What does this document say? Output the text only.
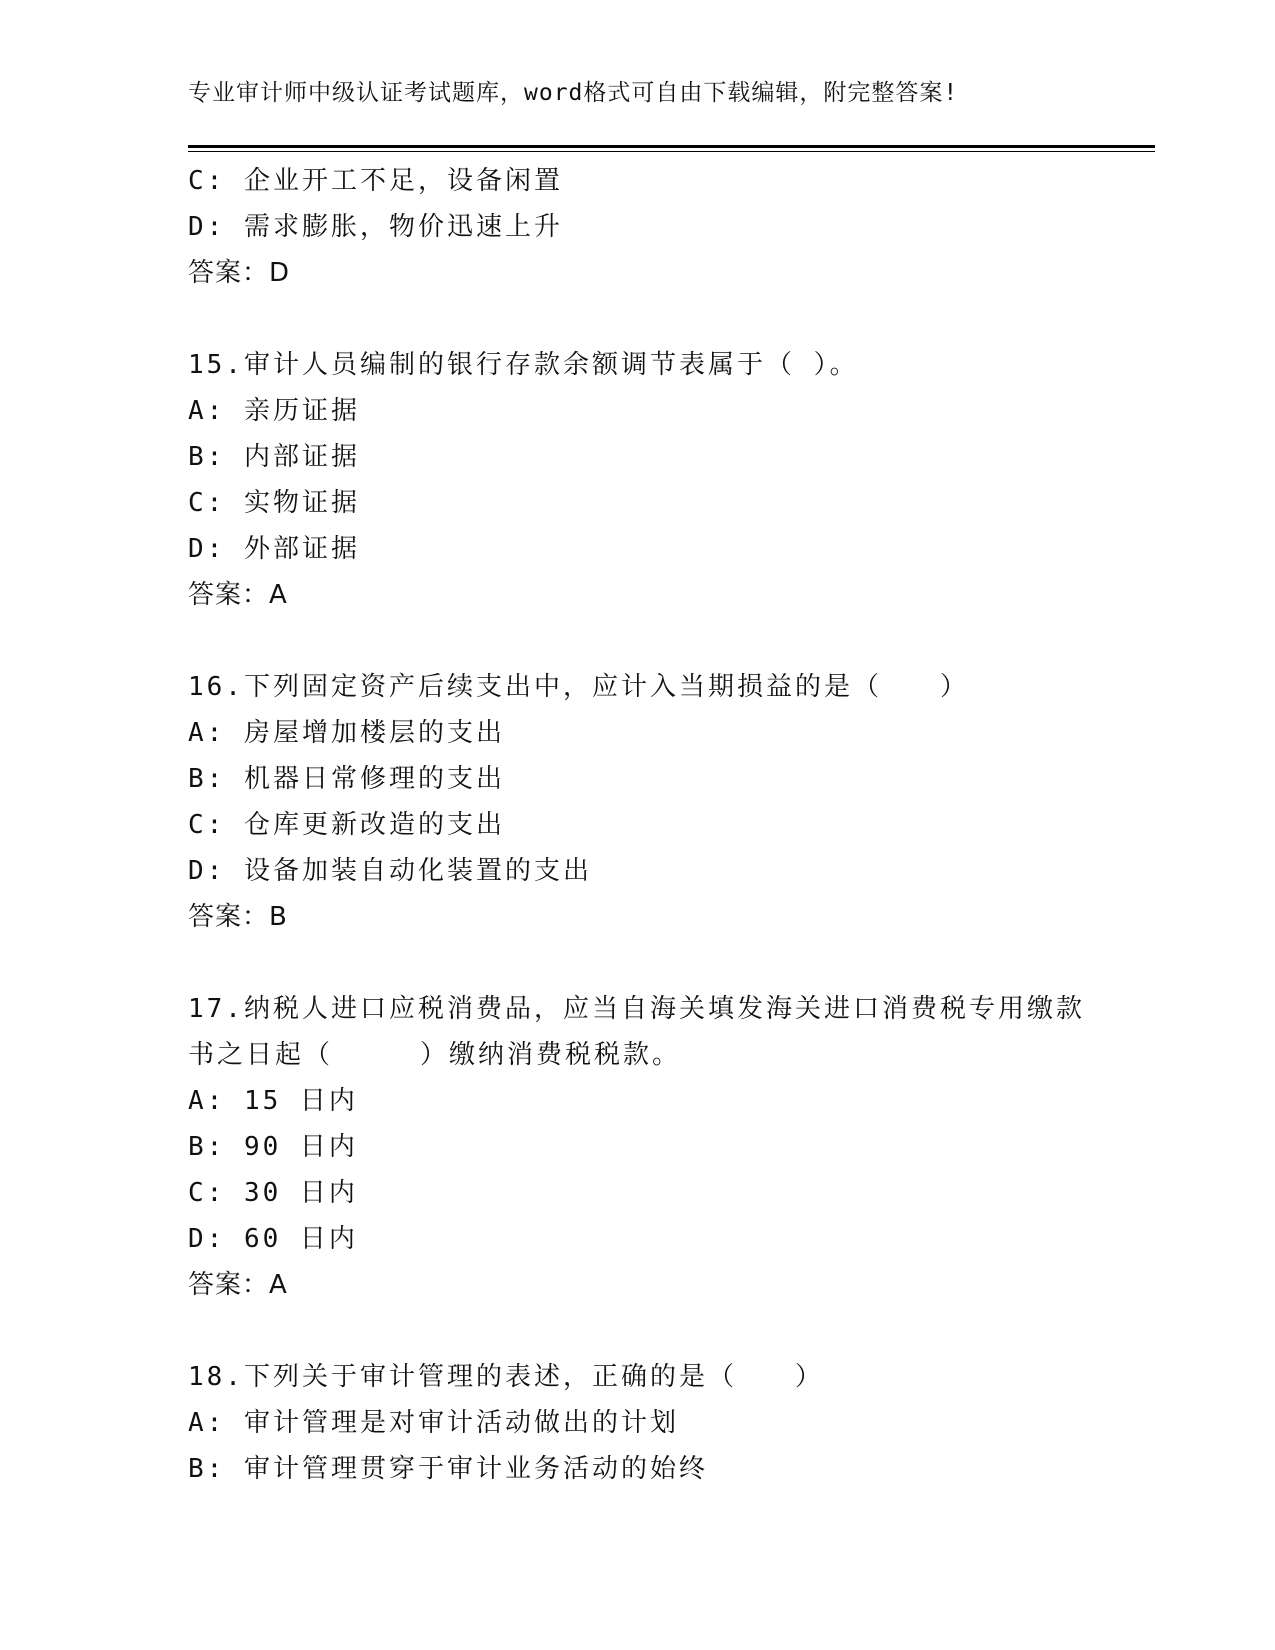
专业审计师中级认证考试题库，word格式可自由下载编辑，附完整答案!
C: 企业开工不足，设备闲置
D: 需求膨胀，物价迅速上升
答案：D
15.审计人员编制的银行存款余额调节表属于（ ）。
A: 亲历证据
B: 内部证据
C: 实物证据
D: 外部证据
答案：A
16.下列固定资产后续支出中，应计入当期损益的是（　　）
A: 房屋增加楼层的支出
B: 机器日常修理的支出
C: 仓库更新改造的支出
D: 设备加装自动化装置的支出
答案：B
17.纳税人进口应税消费品，应当自海关填发海关进口消费税专用缴款
书之日起（　　　）缴纳消费税税款。
A: 15 日内
B: 90 日内
C: 30 日内
D: 60 日内
答案：A
18.下列关于审计管理的表述，正确的是（　　）
A: 审计管理是对审计活动做出的计划
B: 审计管理贯穿于审计业务活动的始终
